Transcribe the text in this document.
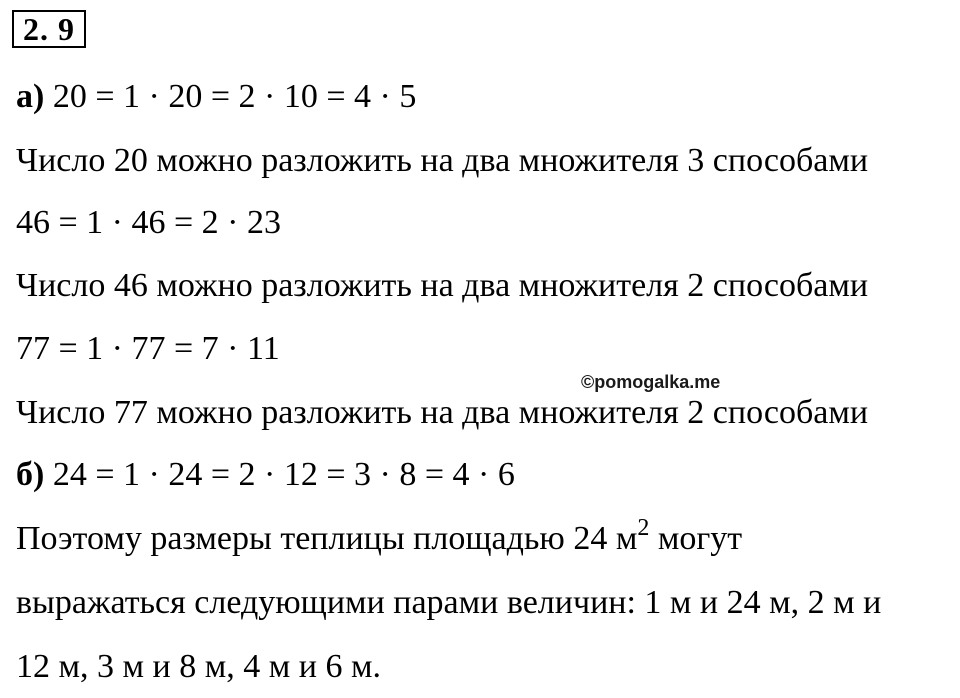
2. 9
а) 20 = 1 · 20 = 2 · 10 = 4 · 5
Число 20 можно разложить на два множителя 3 способами
46 = 1 · 46 = 2 · 23
Число 46 можно разложить на два множителя 2 способами
77 = 1 · 77 = 7 · 11
©pomogalka.me
Число 77 можно разложить на два множителя 2 способами
б) 24 = 1 · 24 = 2 · 12 = 3 · 8 = 4 · 6
Поэтому размеры теплицы площадью 24 $м^2$ могут
выражаться следующими парами величин: 1 м и 24 м, 2 м и
12 м, 3 м и 8 м, 4 м и 6 м.
